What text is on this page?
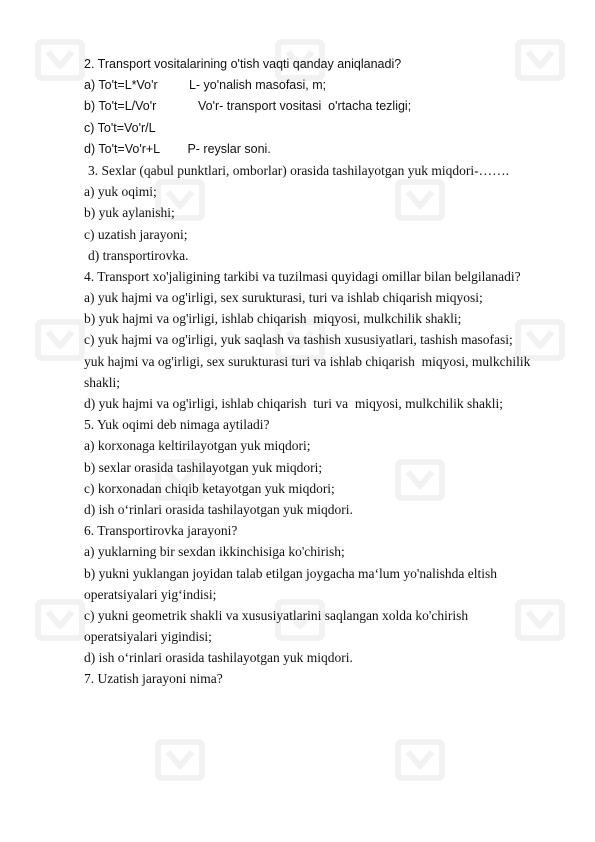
2. Transport vositalarining o'tish vaqti qanday aniqlanadi?
a) To't=L*Vo'r         L- yo'nalish masofasi, m;
b) To't=L/Vo'r            Vo'r- transport vositasi  o'rtacha tezligi;
c) To't=Vo'r/L
d) To't=Vo'r+L        P- reyslar soni.
3. Sexlar (qabul punktlari, omborlar) orasida tashilayotgan yuk miqdori-…….
a) yuk oqimi;
b) yuk aylanishi;
c) uzatish jarayoni;
d) transportirovka.
4. Transport xo'jaligining tarkibi va tuzilmasi quyidagi omillar bilan belgilanadi?
a) yuk hajmi va og'irligi, sex surukturasi, turi va ishlab chiqarish miqyosi;
b) yuk hajmi va og'irligi, ishlab chiqarish  miqyosi, mulkchilik shakli;
c) yuk hajmi va og'irligi, yuk saqlash va tashish xususiyatlari, tashish masofasi;
yuk hajmi va og'irligi, sex surukturasi turi va ishlab chiqarish  miqyosi, mulkchilik
shakli;
d) yuk hajmi va og'irligi, ishlab chiqarish  turi va  miqyosi, mulkchilik shakli;
5. Yuk oqimi deb nimaga aytiladi?
a) korxonaga keltirilayotgan yuk miqdori;
b) sexlar orasida tashilayotgan yuk miqdori;
c) korxonadan chiqib ketayotgan yuk miqdori;
d) ish o‘rinlari orasida tashilayotgan yuk miqdori.
6. Transportirovka jarayoni?
a) yuklarning bir sexdan ikkinchisiga ko'chirish;
b) yukni yuklangan joyidan talab etilgan joygacha ma‘lum yo'nalishda eltish
operatsiyalari yig‘indisi;
c) yukni geometrik shakli va xususiyatlarini saqlangan xolda ko'chirish
operatsiyalari yigindisi;
d) ish o‘rinlari orasida tashilayotgan yuk miqdori.
7. Uzatish jarayoni nima?
